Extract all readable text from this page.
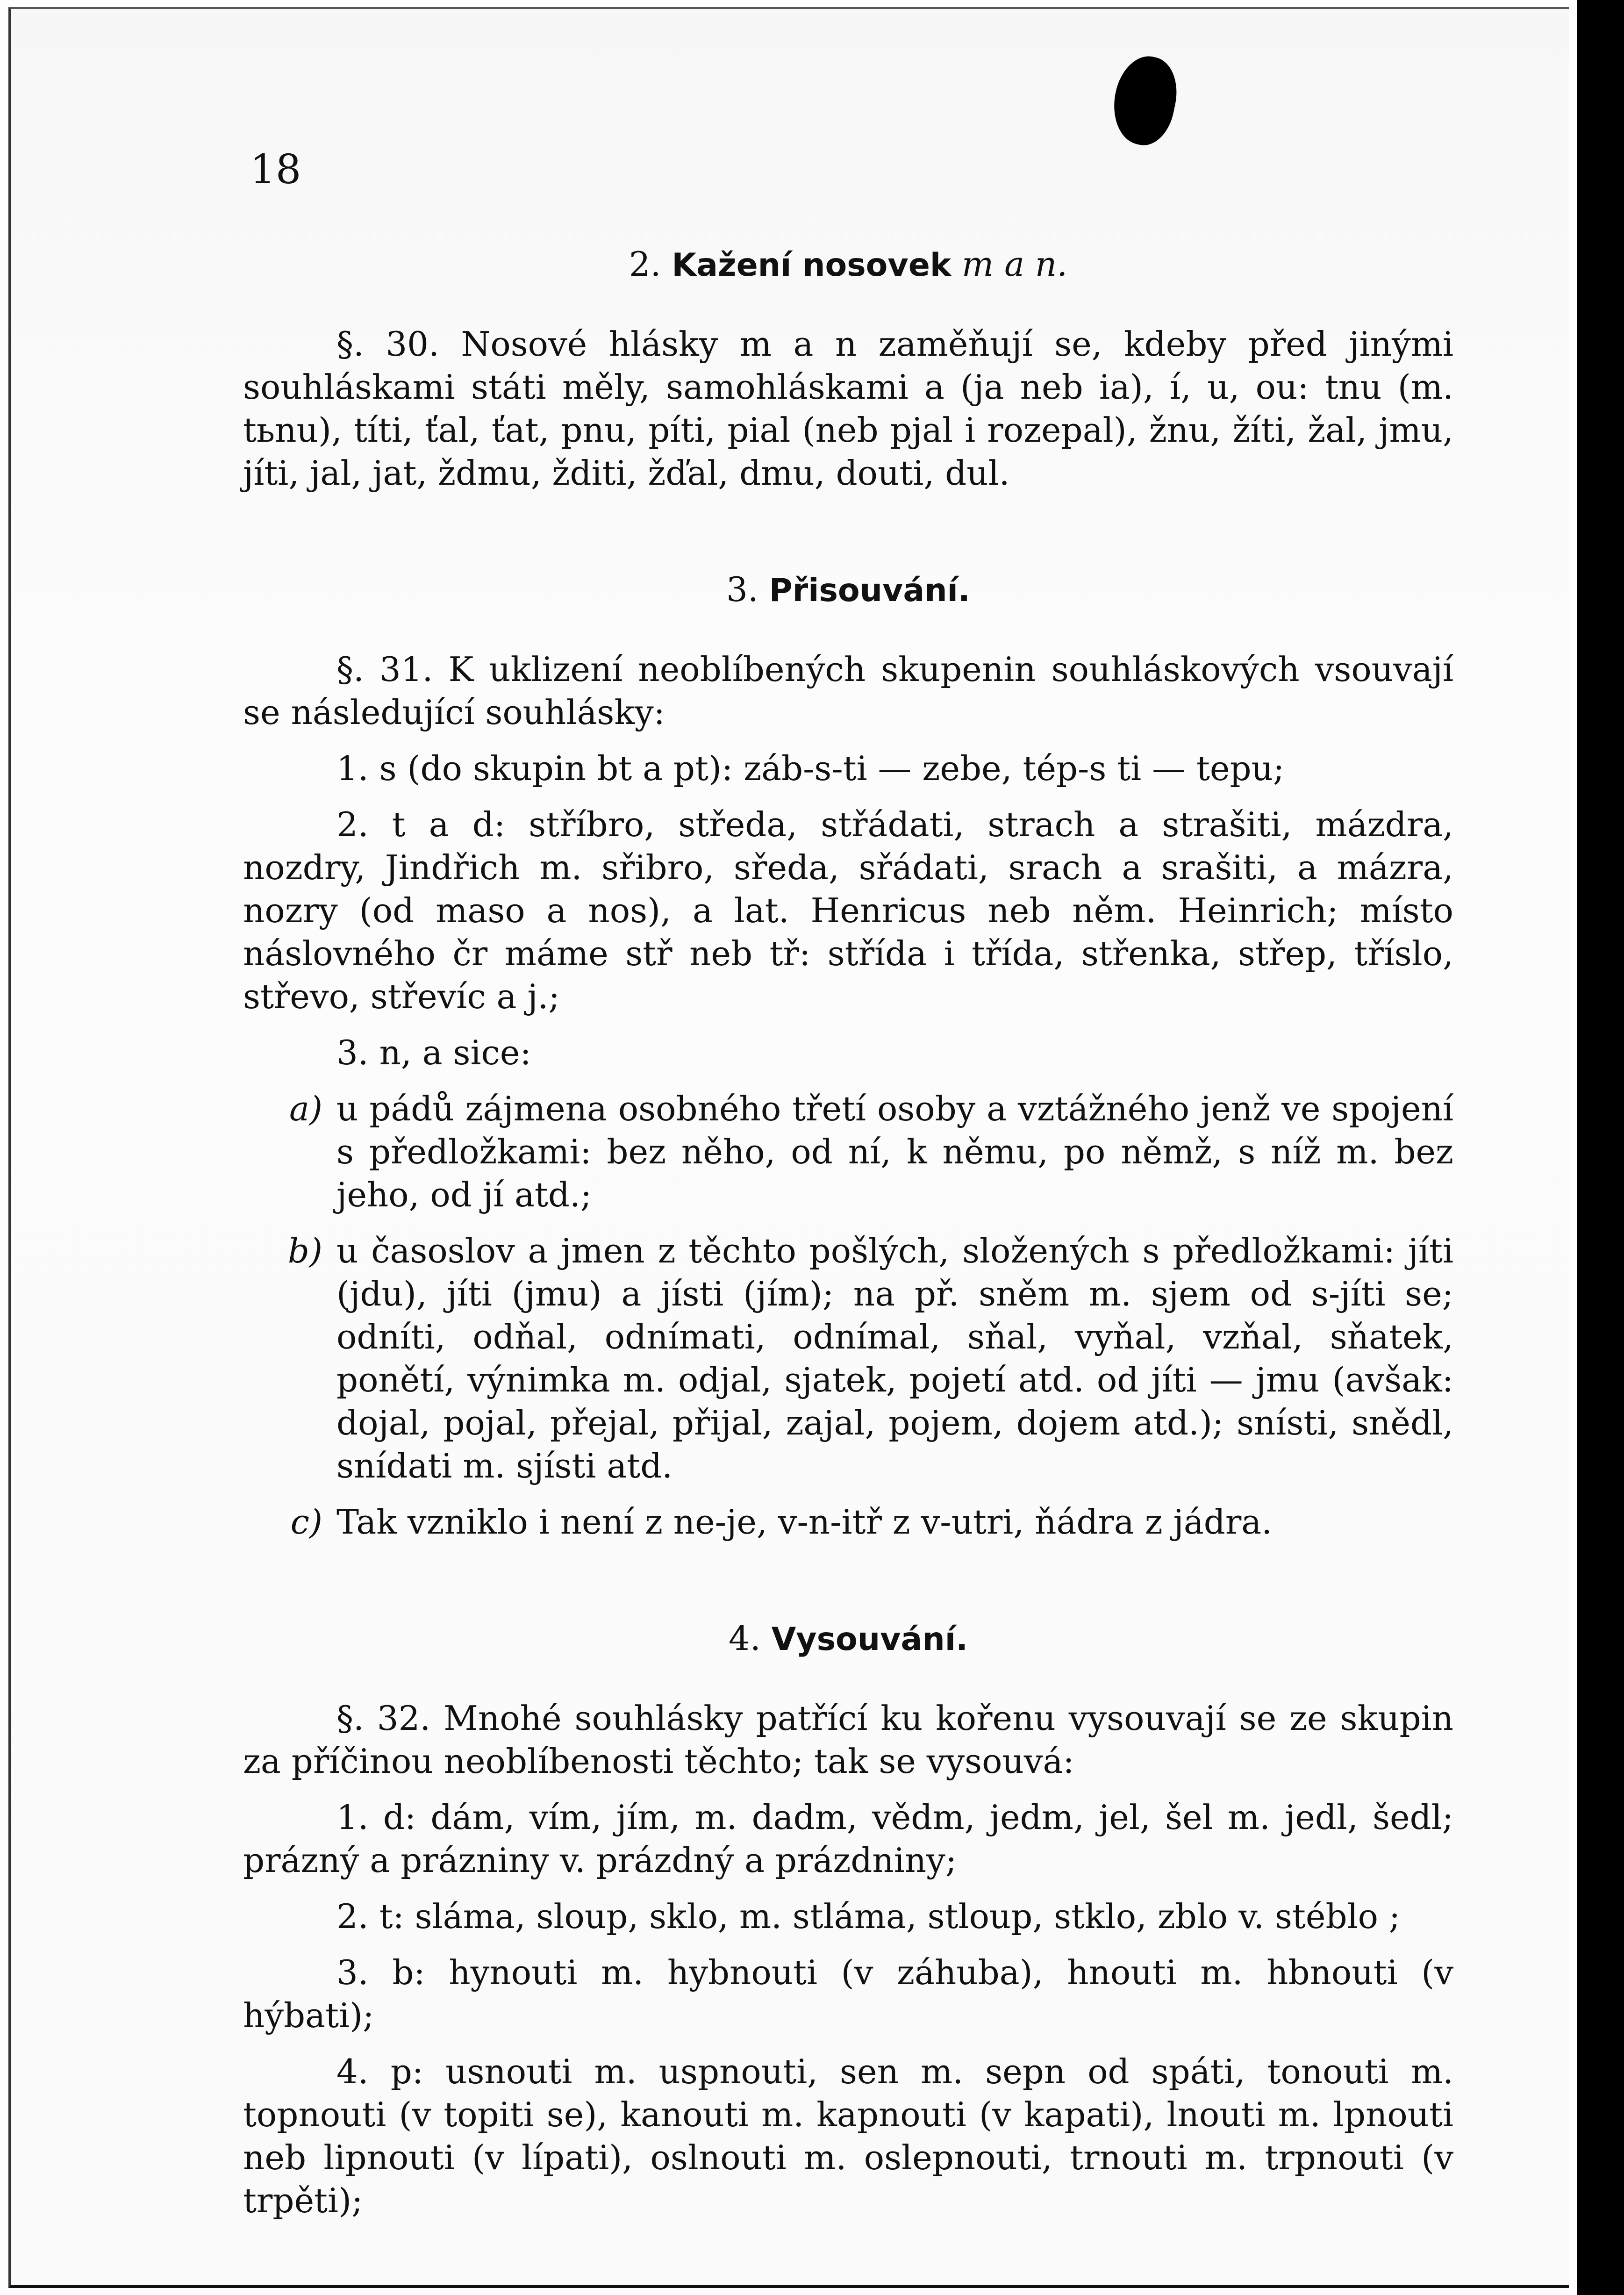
18
2. Kažení nosovek m a n.

§. 30. Nosové hlásky m a n zaměňují se, kdeby před jinými souhláskami státi měly, samohláskami a (ja neb ia), í, u, ou: tnu (m. tьnu), títi, ťal, ťat, pnu, píti, pial (neb pjal i rozepal), žnu, žíti, žal, jmu, jíti, jal, jat, ždmu, žditi, žďal, dmu, douti, dul.

3. Přisouvání.

§. 31. K uklizení neoblíbených skupenin souhláskových vsouvají se následující souhlásky:

1. s (do skupin bt a pt): záb-s-ti — zebe, tép-s ti — tepu;

2. t a d: stříbro, středa, střádati, strach a strašiti, mázdra, nozdry, Jindřich m. sřibro, sředa, sřádati, srach a srašiti, a mázra, nozry (od maso a nos), a lat. Henricus neb něm. Heinrich; místo náslovného čr máme stř neb tř: střída i třída, střenka, střep, tříslo, střevo, střevíc a j.;

3. n, a sice:

a) u pádů zájmena osobného třetí osoby a vztážného jenž ve spojení s předložkami: bez něho, od ní, k němu, po němž, s níž m. bez jeho, od jí atd.;
b) u časoslov a jmen z těchto pošlých, složených s předložkami: jíti (jdu), jíti (jmu) a jísti (jím); na př. sněm m. sjem od s-jíti se; odníti, odňal, odnímati, odnímal, sňal, vyňal, vzňal, sňatek, ponětí, výnimka m. odjal, sjatek, pojetí atd. od jíti — jmu (avšak: dojal, pojal, přejal, přijal, zajal, pojem, dojem atd.); snísti, snědl, snídati m. sjísti atd.
c) Tak vzniklo i není z ne-je, v-n-itř z v-utri, ňádra z jádra.
4. Vysouvání.

§. 32. Mnohé souhlásky patřící ku kořenu vysouvají se ze skupin za příčinou neoblíbenosti těchto; tak se vysouvá:

1. d: dám, vím, jím, m. dadm, vědm, jedm, jel, šel m. jedl, šedl; prázný a prázniny v. prázdný a prázdniny;

2. t: sláma, sloup, sklo, m. stláma, stloup, stklo, zblo v. stéblo ;

3. b: hynouti m. hybnouti (v záhuba), hnouti m. hbnouti (v hýbati);

4. p: usnouti m. uspnouti, sen m. sepn od spáti, tonouti m. topnouti (v topiti se), kanouti m. kapnouti (v kapati), lnouti m. lpnouti neb lipnouti (v lípati), oslnouti m. oslepnouti, trnouti m. trpnouti (v trpěti);
